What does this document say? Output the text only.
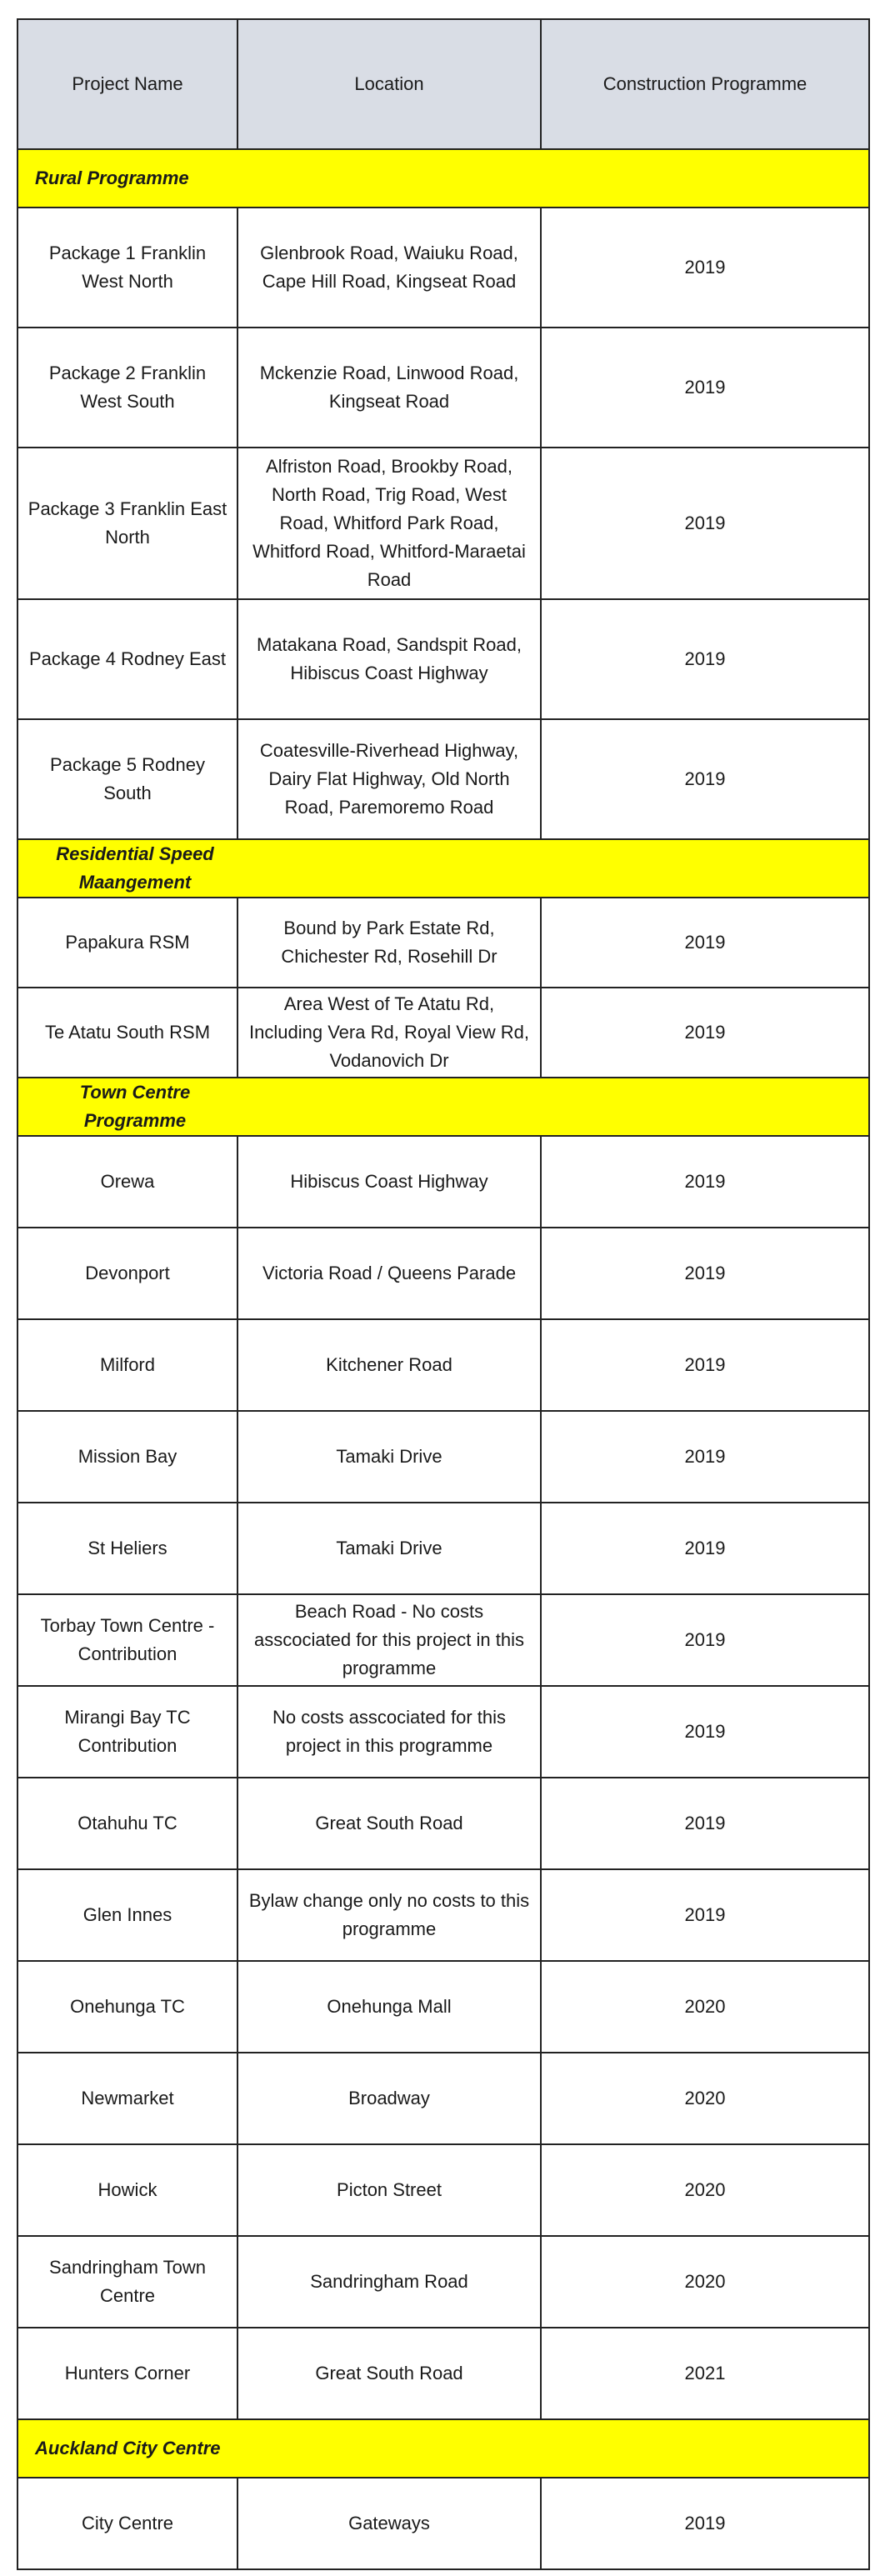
Project Name	Location	Construction Programme
Rural Programme		
Package 1 Franklin West North	Glenbrook Road, Waiuku Road, Cape Hill Road, Kingseat Road	2019
Package 2 Franklin West South	Mckenzie Road, Linwood Road, Kingseat Road	2019
Package 3 Franklin East North	Alfriston Road, Brookby Road, North Road, Trig Road, West Road, Whitford Park Road, Whitford Road, Whitford-Maraetai Road	2019
Package 4 Rodney East	Matakana Road, Sandspit Road, Hibiscus Coast Highway	2019
Package 5 Rodney South	Coatesville-Riverhead Highway, Dairy Flat Highway, Old North Road, Paremoremo Road	2019
Residential Speed Maangement		
Papakura RSM	Bound by Park Estate Rd, Chichester Rd, Rosehill Dr	2019
Te Atatu South RSM	Area West of Te Atatu Rd, Including Vera Rd, Royal View Rd, Vodanovich Dr	2019
Town Centre Programme		
Orewa	Hibiscus Coast Highway	2019
Devonport	Victoria Road / Queens Parade	2019
Milford	Kitchener Road	2019
Mission Bay	Tamaki Drive	2019
St Heliers	Tamaki Drive	2019
Torbay Town Centre - Contribution	Beach Road - No costs asscociated for this project in this programme	2019
Mirangi Bay TC Contribution	No costs asscociated for this project in this programme	2019
Otahuhu TC	Great South Road	2019
Glen Innes	Bylaw change only no costs to this programme	2019
Onehunga TC	Onehunga Mall	2020
Newmarket	Broadway	2020
Howick	Picton Street	2020
Sandringham Town Centre	Sandringham Road	2020
Hunters Corner	Great South Road	2021
Auckland City Centre		
City Centre	Gateways	2019
